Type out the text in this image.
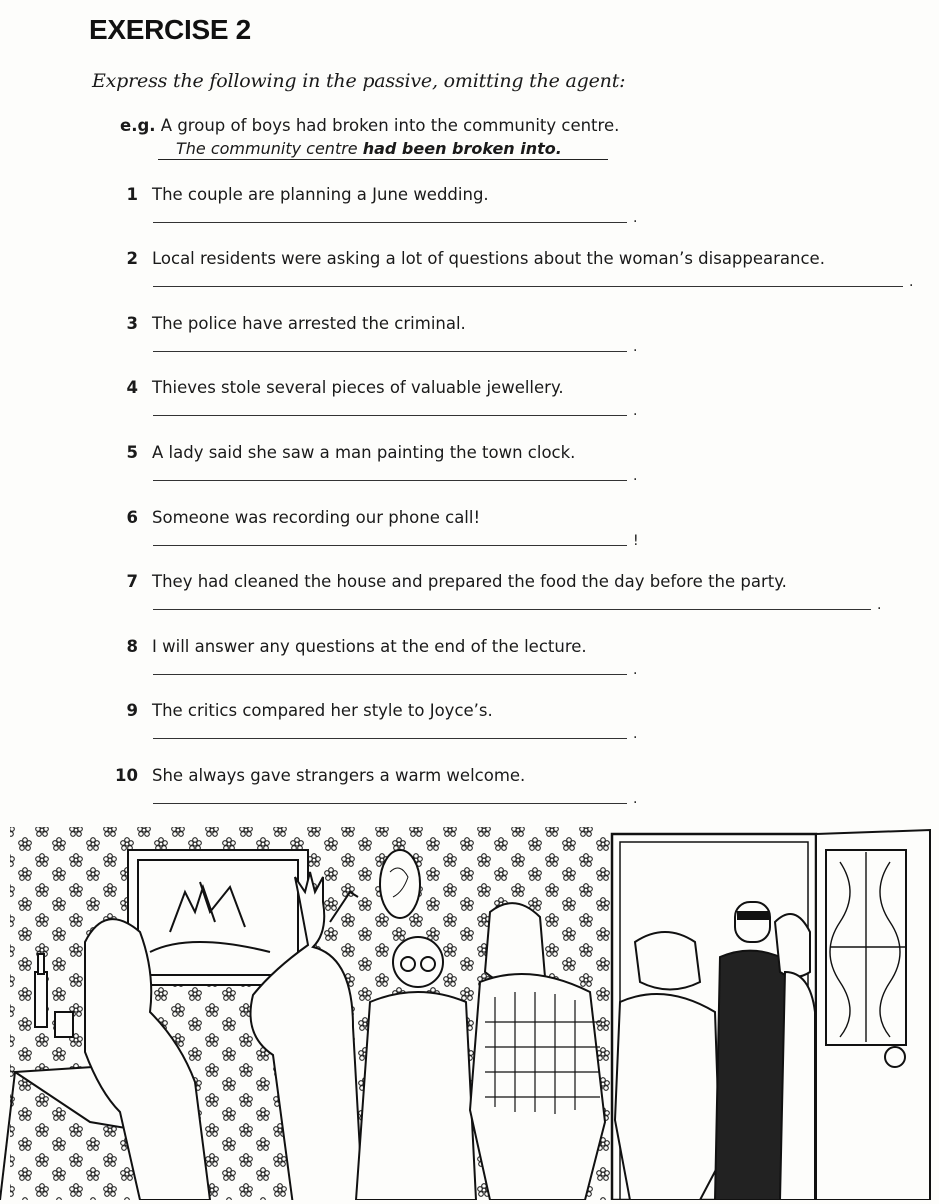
EXERCISE 2
Express the following in the passive, omitting the agent:
e.g. A group of boys had broken into the community centre.
The community centre had been broken into.
1 The couple are planning a June wedding.
.
2 Local residents were asking a lot of questions about the woman’s disappearance.
.
3 The police have arrested the criminal.
.
4 Thieves stole several pieces of valuable jewellery.
.
5 A lady said she saw a man painting the town clock.
.
6 Someone was recording our phone call!
!
7 They had cleaned the house and prepared the food the day before the party.
.
8 I will answer any questions at the end of the lecture.
.
9 The critics compared her style to Joyce’s.
.
10 She always gave strangers a warm welcome.
.
